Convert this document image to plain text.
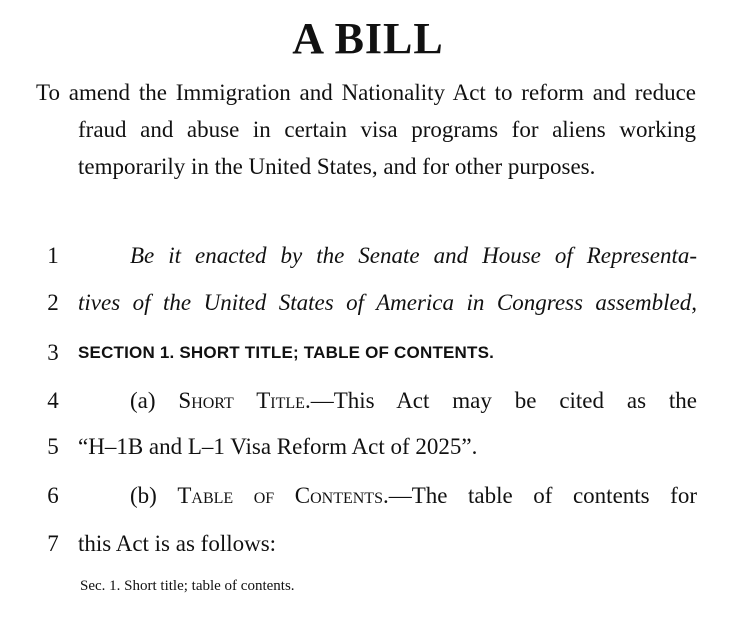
A BILL
To amend the Immigration and Nationality Act to reform and reduce fraud and abuse in certain visa programs for aliens working temporarily in the United States, and for other purposes.
1	Be it enacted by the Senate and House of Representa-
2 tives of the United States of America in Congress assembled,
3 SECTION 1. SHORT TITLE; TABLE OF CONTENTS.
4	(a) Short Title.—This Act may be cited as the
5 “H–1B and L–1 Visa Reform Act of 2025”.
6	(b) Table of Contents.—The table of contents for
7 this Act is as follows:
Sec. 1. Short title; table of contents.
